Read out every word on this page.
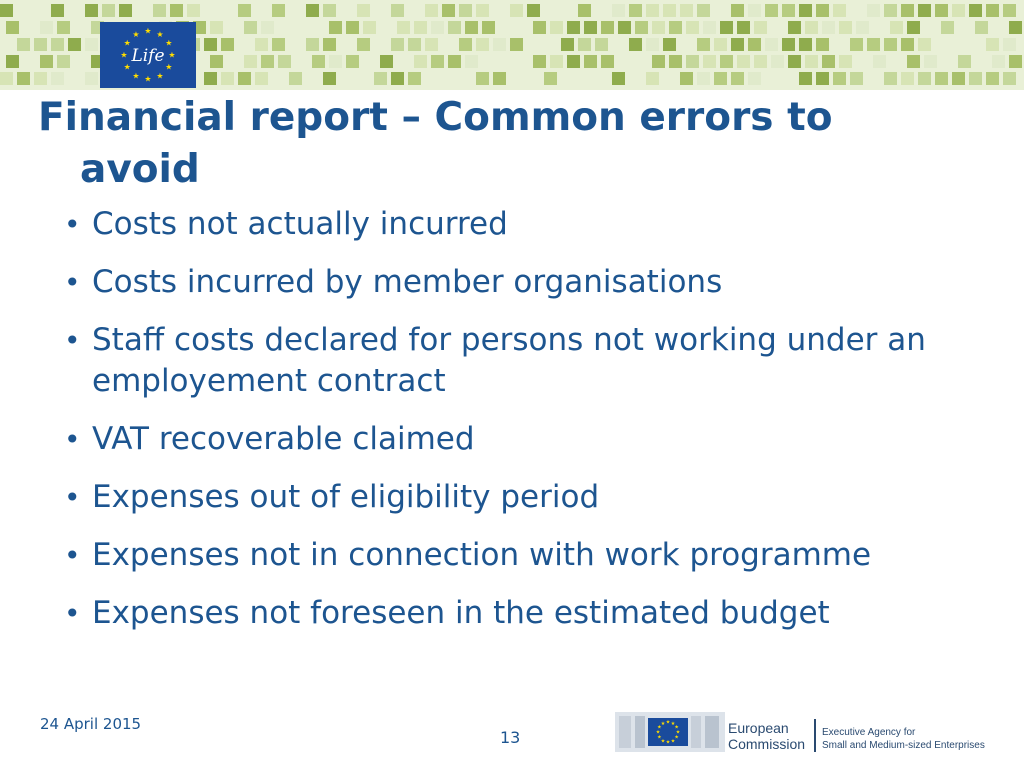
★
★
★
★
★
★
★
★
★ ★ ★
★
Life
Financial report – Common errors to
avoid
• Costs not actually incurred
• Costs incurred by member organisations
• Staff costs declared for persons not working under an employement contract
• VAT recoverable claimed
• Expenses out of eligibility period
• Expenses not in connection with work programme
• Expenses not foreseen in the estimated budget
24 April 2015
13	★
★
★
★
★
★
★
★
★ ★ ★
★	European
Commission
Executive Agency for
Small and Medium-sized Enterprises
